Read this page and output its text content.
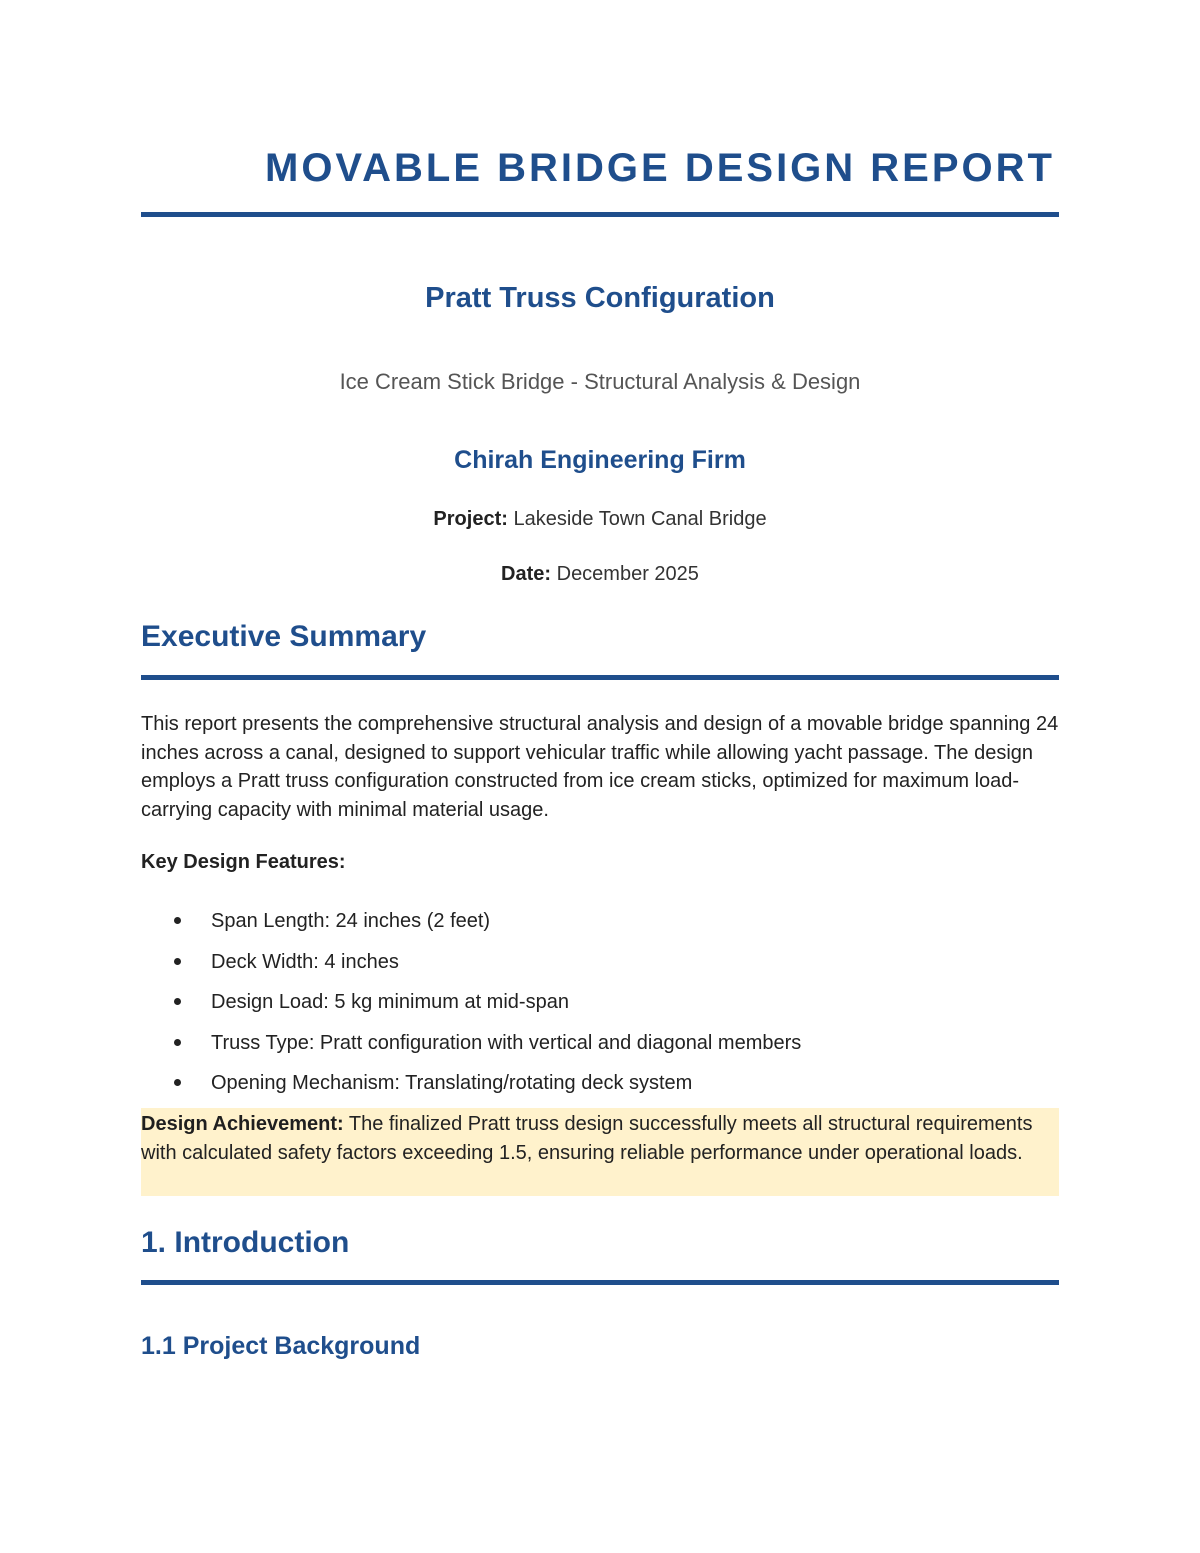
MOVABLE BRIDGE DESIGN REPORT
Pratt Truss Configuration
Ice Cream Stick Bridge - Structural Analysis & Design
Chirah Engineering Firm
Project: Lakeside Town Canal Bridge
Date: December 2025
Executive Summary
This report presents the comprehensive structural analysis and design of a movable bridge spanning 24 inches across a canal, designed to support vehicular traffic while allowing yacht passage. The design employs a Pratt truss configuration constructed from ice cream sticks, optimized for maximum load-carrying capacity with minimal material usage.
Key Design Features:
Span Length: 24 inches (2 feet)
Deck Width: 4 inches
Design Load: 5 kg minimum at mid-span
Truss Type: Pratt configuration with vertical and diagonal members
Opening Mechanism: Translating/rotating deck system
Design Achievement: The finalized Pratt truss design successfully meets all structural requirements with calculated safety factors exceeding 1.5, ensuring reliable performance under operational loads.
1. Introduction
1.1 Project Background
